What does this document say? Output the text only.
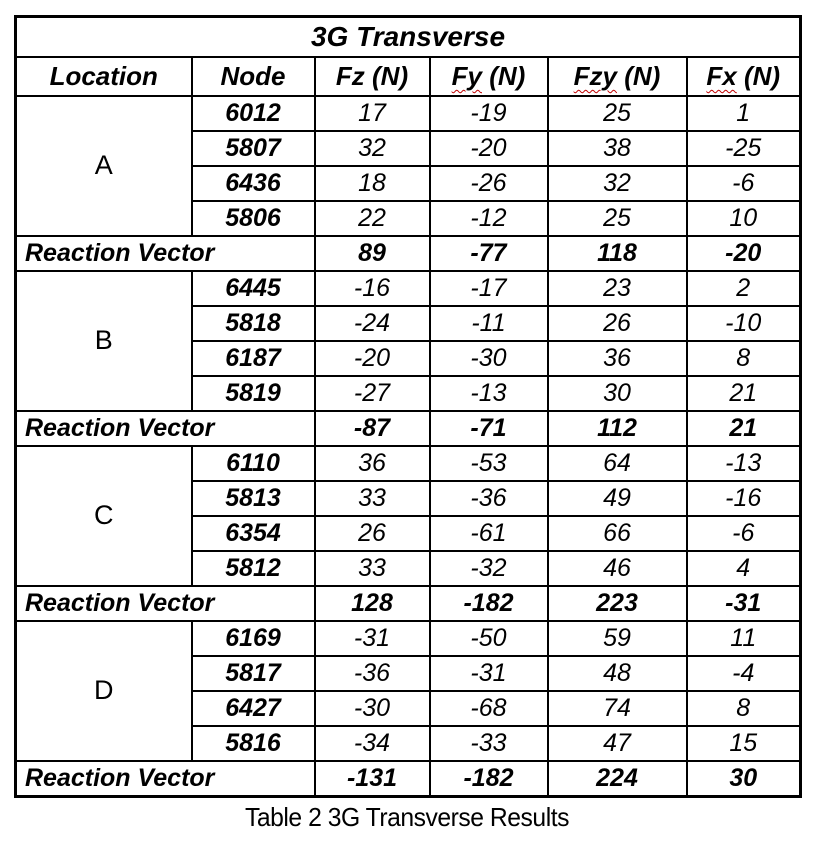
3G Transverse					
Location	Node	Fz (N)	Fy (N)	Fzy (N)	Fx (N)
A	6012	17	-19	25	1
	5807	32	-20	38	-25
	6436	18	-26	32	-6
	5806	22	-12	25	10
Reaction Vector		89	-77	118	-20
B	6445	-16	-17	23	2
	5818	-24	-11	26	-10
	6187	-20	-30	36	8
	5819	-27	-13	30	21
Reaction Vector		-87	-71	112	21
C	6110	36	-53	64	-13
	5813	33	-36	49	-16
	6354	26	-61	66	-6
	5812	33	-32	46	4
Reaction Vector		128	-182	223	-31
D	6169	-31	-50	59	11
	5817	-36	-31	48	-4
	6427	-30	-68	74	8
	5816	-34	-33	47	15
Reaction Vector		-131	-182	224	30
Table 2 3G Transverse Results
